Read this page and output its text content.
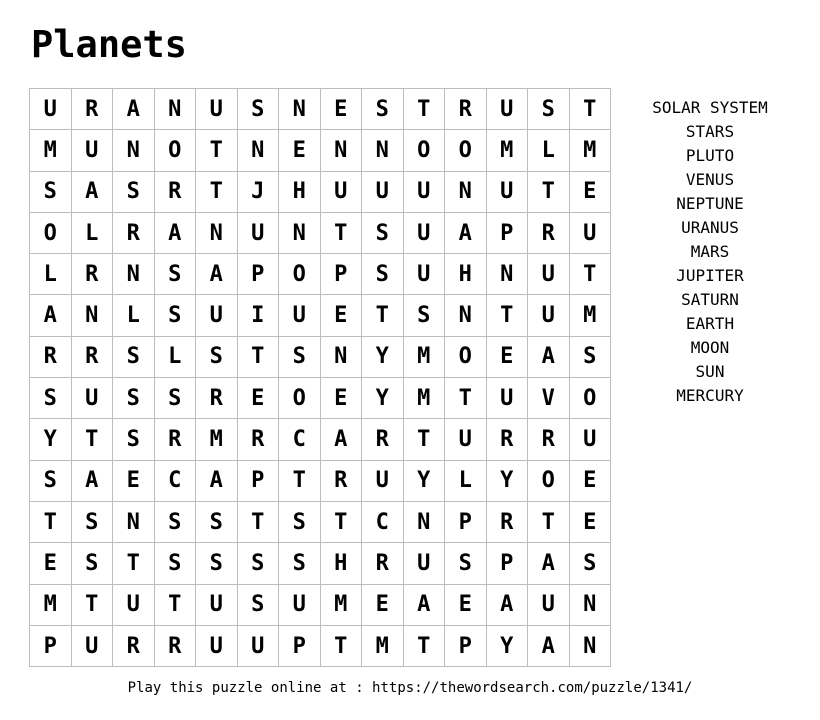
Planets
U	R	A	N	U	S	N	E	S	T	R	U	S	T
M	U	N	O	T	N	E	N	N	O	O	M	L	M
S	A	S	R	T	J	H	U	U	U	N	U	T	E
O	L	R	A	N	U	N	T	S	U	A	P	R	U
L	R	N	S	A	P	O	P	S	U	H	N	U	T
A	N	L	S	U	I	U	E	T	S	N	T	U	M
R	R	S	L	S	T	S	N	Y	M	O	E	A	S
S	U	S	S	R	E	O	E	Y	M	T	U	V	O
Y	T	S	R	M	R	C	A	R	T	U	R	R	U
S	A	E	C	A	P	T	R	U	Y	L	Y	O	E
T	S	N	S	S	T	S	T	C	N	P	R	T	E
E	S	T	S	S	S	S	H	R	U	S	P	A	S
M	T	U	T	U	S	U	M	E	A	E	A	U	N
P	U	R	R	U	U	P	T	M	T	P	Y	A	N
SOLAR SYSTEM
STARS
PLUTO
VENUS
NEPTUNE
URANUS
MARS
JUPITER
SATURN
EARTH
MOON
SUN
MERCURY
Play this puzzle online at : https://thewordsearch.com/puzzle/1341/
